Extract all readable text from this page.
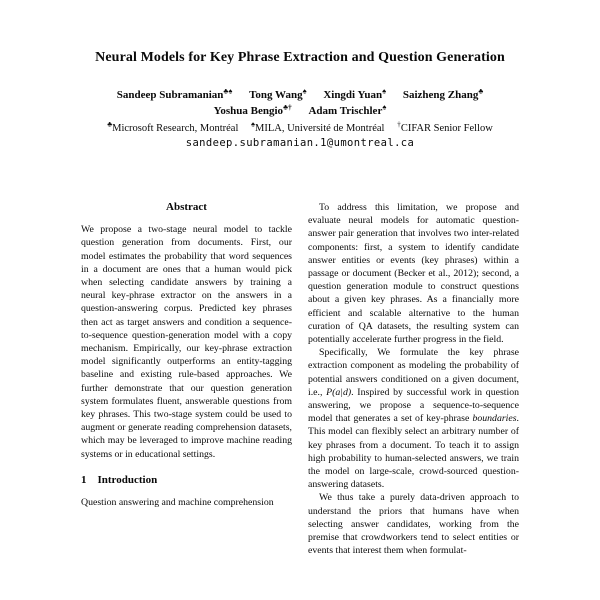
Neural Models for Key Phrase Extraction and Question Generation
Sandeep Subramanian♣♠ Tong Wang♠ Xingdi Yuan♠ Saizheng Zhang♣
Yoshua Bengio♣† Adam Trischler♠
♣Microsoft Research, Montréal ♠MILA, Université de Montréal †CIFAR Senior Fellow
sandeep.subramanian.1@umontreal.ca
Abstract

We propose a two-stage neural model to tackle question generation from documents. First, our model estimates the probability that word sequences in a document are ones that a human would pick when selecting candidate answers by training a neural key-phrase extractor on the answers in a question-answering corpus. Predicted key phrases then act as target answers and condition a sequence-to-sequence question-generation model with a copy mechanism. Empirically, our key-phrase extraction model significantly outperforms an entity-tagging baseline and existing rule-based approaches. We further demonstrate that our question generation system formulates fluent, answerable questions from key phrases. This two-stage system could be used to augment or generate reading comprehension datasets, which may be leveraged to improve machine reading systems or in educational settings.

1 Introduction

Question answering and machine comprehension

To address this limitation, we propose and evaluate neural models for automatic question-answer pair generation that involves two inter-related components: first, a system to identify candidate answer entities or events (key phrases) within a passage or document (Becker et al., 2012); second, a question generation module to construct questions about a given key phrases. As a financially more efficient and scalable alternative to the human curation of QA datasets, the resulting system can potentially accelerate further progress in the field.

Specifically, We formulate the key phrase extraction component as modeling the probability of potential answers conditioned on a given document, i.e., P(a|d). Inspired by successful work in question answering, we propose a sequence-to-sequence model that generates a set of key-phrase boundaries. This model can flexibly select an arbitrary number of key phrases from a document. To teach it to assign high probability to human-selected answers, we train the model on large-scale, crowd-sourced question-answering datasets.

We thus take a purely data-driven approach to understand the priors that humans have when selecting answer candidates, working from the premise that crowdworkers tend to select entities or events that interest them when formulat-
